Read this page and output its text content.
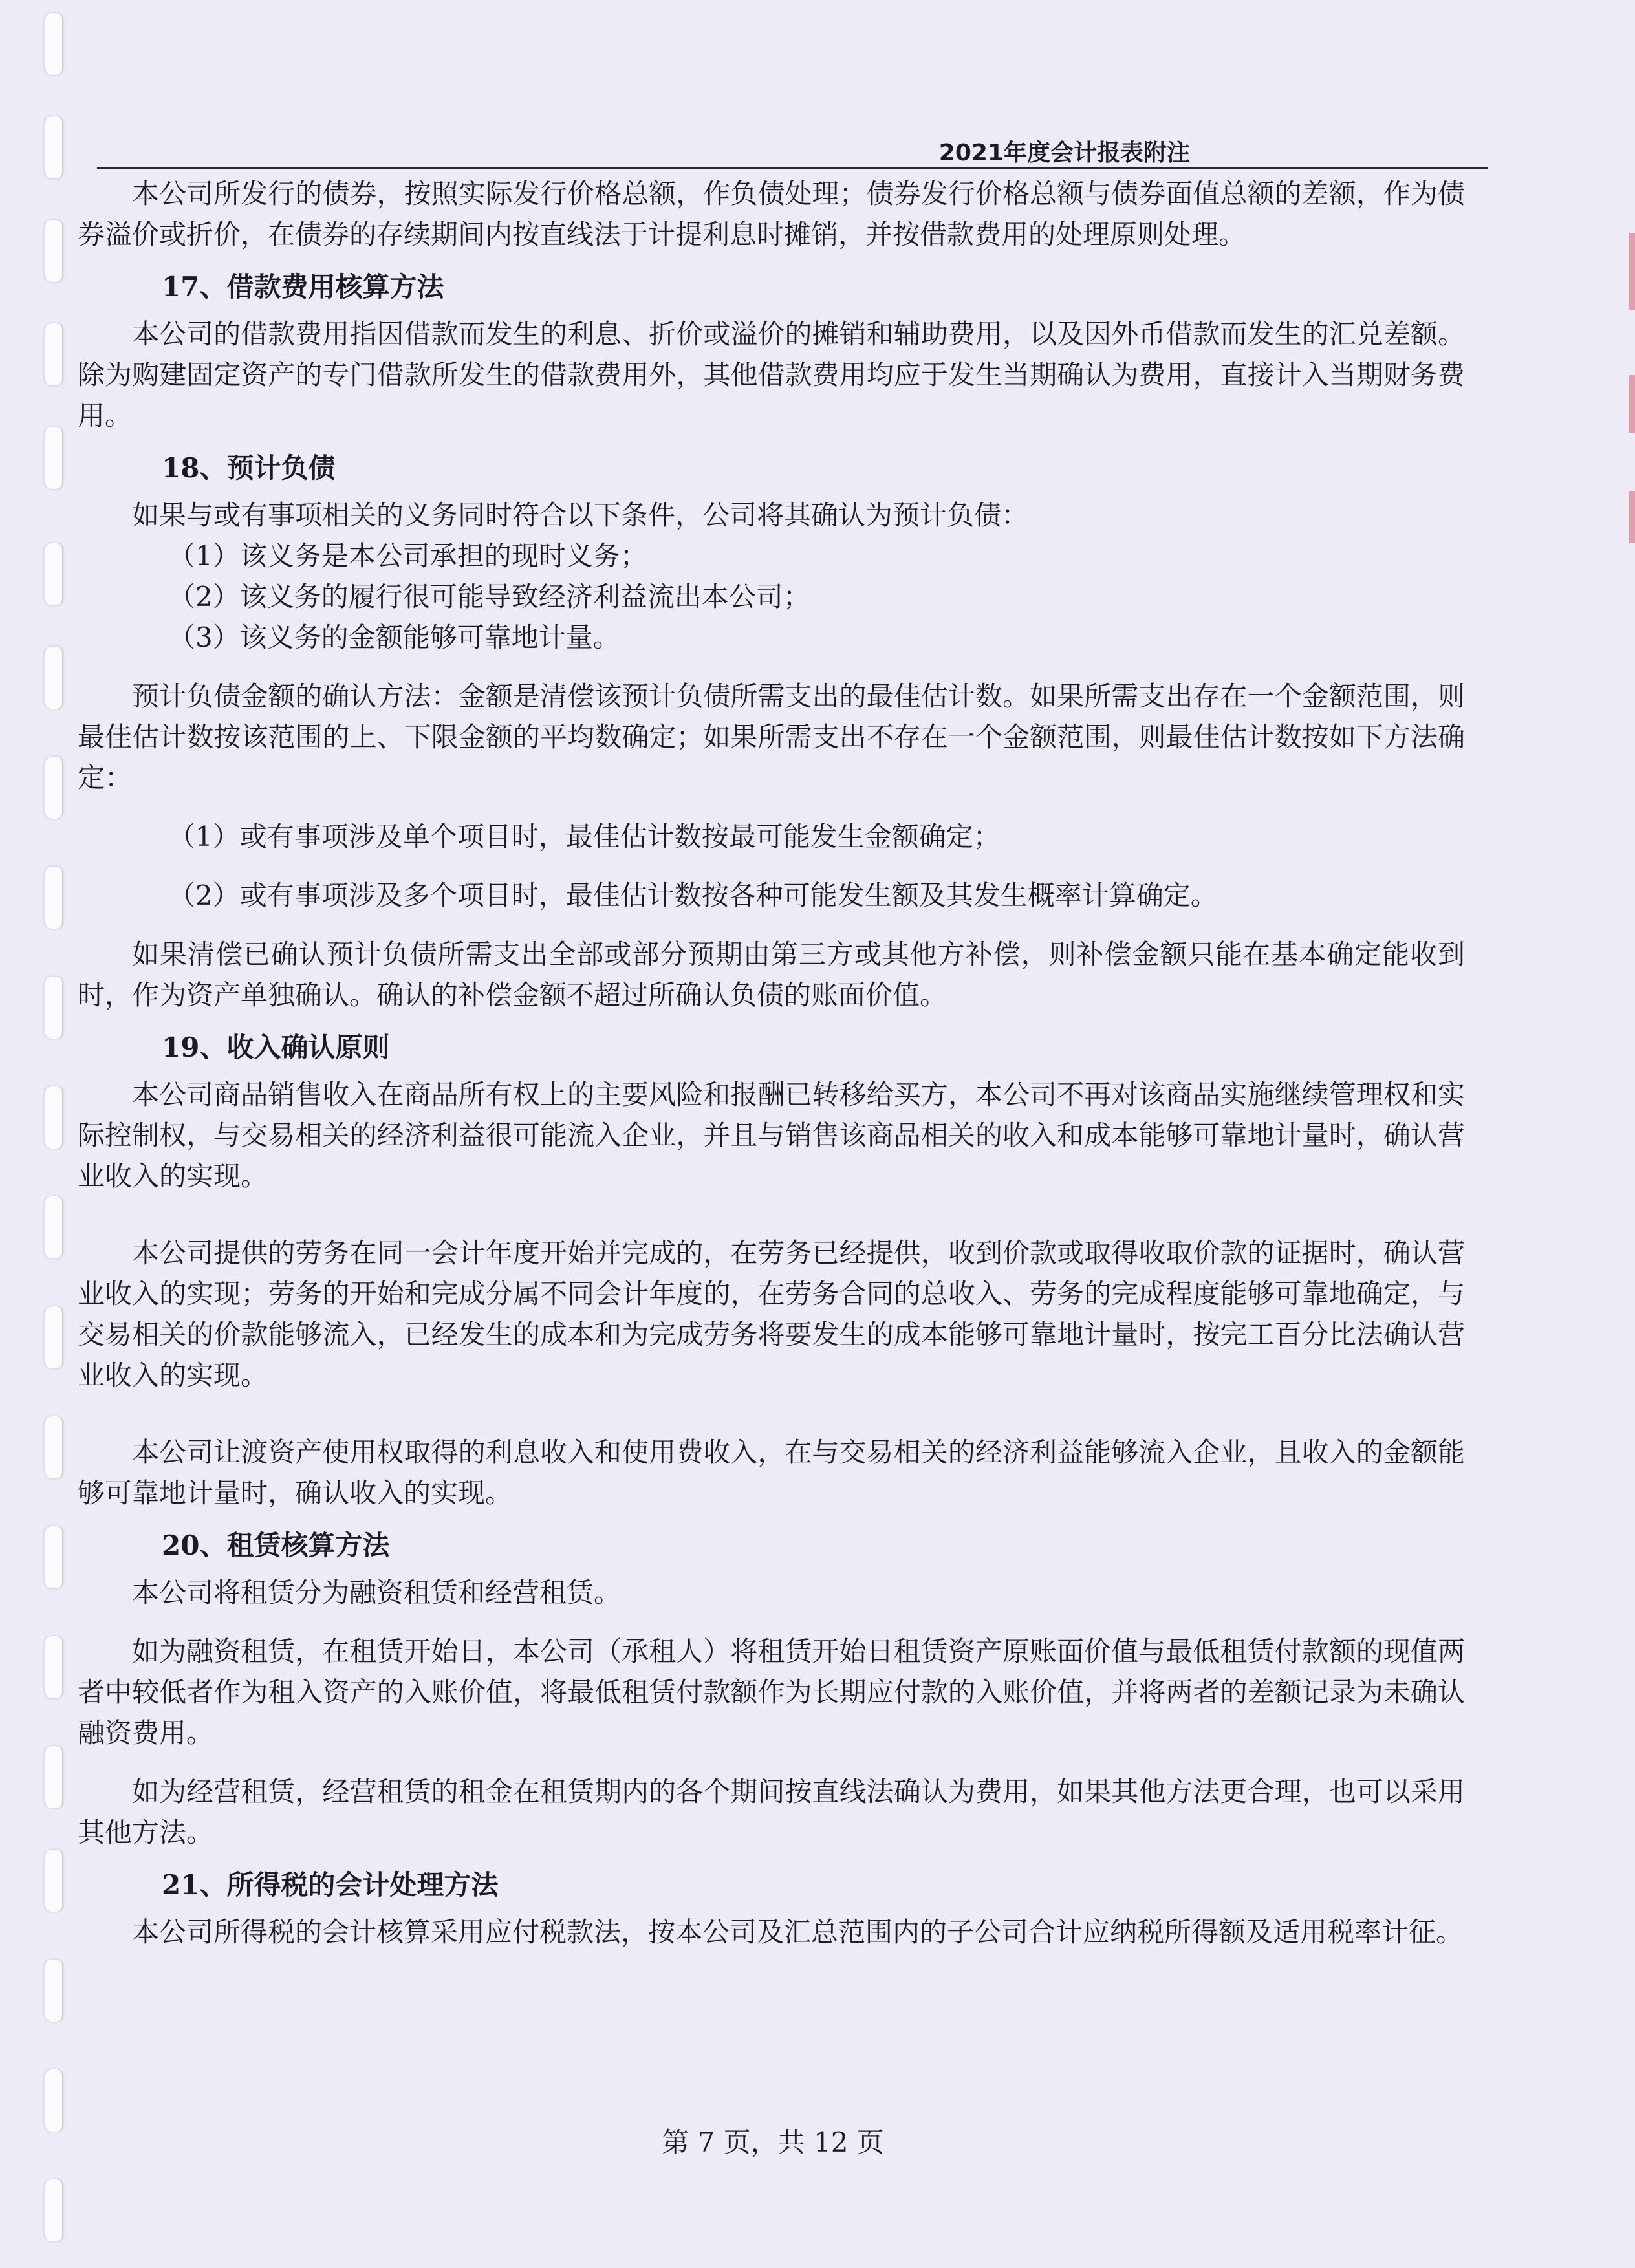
2021年度会计报表附注

本公司所发行的债券，按照实际发行价格总额，作负债处理；债券发行价格总额与债券面值总额的差额，作为债券溢价或折价，在债券的存续期间内按直线法于计提利息时摊销，并按借款费用的处理原则处理。

17、借款费用核算方法

本公司的借款费用指因借款而发生的利息、折价或溢价的摊销和辅助费用，以及因外币借款而发生的汇兑差额。除为购建固定资产的专门借款所发生的借款费用外，其他借款费用均应于发生当期确认为费用，直接计入当期财务费用。

18、预计负债

如果与或有事项相关的义务同时符合以下条件，公司将其确认为预计负债：

（1）该义务是本公司承担的现时义务；

（2）该义务的履行很可能导致经济利益流出本公司；

（3）该义务的金额能够可靠地计量。

预计负债金额的确认方法：金额是清偿该预计负债所需支出的最佳估计数。如果所需支出存在一个金额范围，则最佳估计数按该范围的上、下限金额的平均数确定；如果所需支出不存在一个金额范围，则最佳估计数按如下方法确定：

（1）或有事项涉及单个项目时，最佳估计数按最可能发生金额确定；

（2）或有事项涉及多个项目时，最佳估计数按各种可能发生额及其发生概率计算确定。

如果清偿已确认预计负债所需支出全部或部分预期由第三方或其他方补偿，则补偿金额只能在基本确定能收到时，作为资产单独确认。确认的补偿金额不超过所确认负债的账面价值。

19、收入确认原则

本公司商品销售收入在商品所有权上的主要风险和报酬已转移给买方，本公司不再对该商品实施继续管理权和实际控制权，与交易相关的经济利益很可能流入企业，并且与销售该商品相关的收入和成本能够可靠地计量时，确认营业收入的实现。

本公司提供的劳务在同一会计年度开始并完成的，在劳务已经提供，收到价款或取得收取价款的证据时，确认营业收入的实现；劳务的开始和完成分属不同会计年度的，在劳务合同的总收入、劳务的完成程度能够可靠地确定，与交易相关的价款能够流入，已经发生的成本和为完成劳务将要发生的成本能够可靠地计量时，按完工百分比法确认营业收入的实现。

本公司让渡资产使用权取得的利息收入和使用费收入，在与交易相关的经济利益能够流入企业，且收入的金额能够可靠地计量时，确认收入的实现。

20、租赁核算方法

本公司将租赁分为融资租赁和经营租赁。

如为融资租赁，在租赁开始日，本公司（承租人）将租赁开始日租赁资产原账面价值与最低租赁付款额的现值两者中较低者作为租入资产的入账价值，将最低租赁付款额作为长期应付款的入账价值，并将两者的差额记录为未确认融资费用。

如为经营租赁，经营租赁的租金在租赁期内的各个期间按直线法确认为费用，如果其他方法更合理，也可以采用其他方法。

21、所得税的会计处理方法

本公司所得税的会计核算采用应付税款法，按本公司及汇总范围内的子公司合计应纳税所得额及适用税率计征。

第 7 页，共 12 页
